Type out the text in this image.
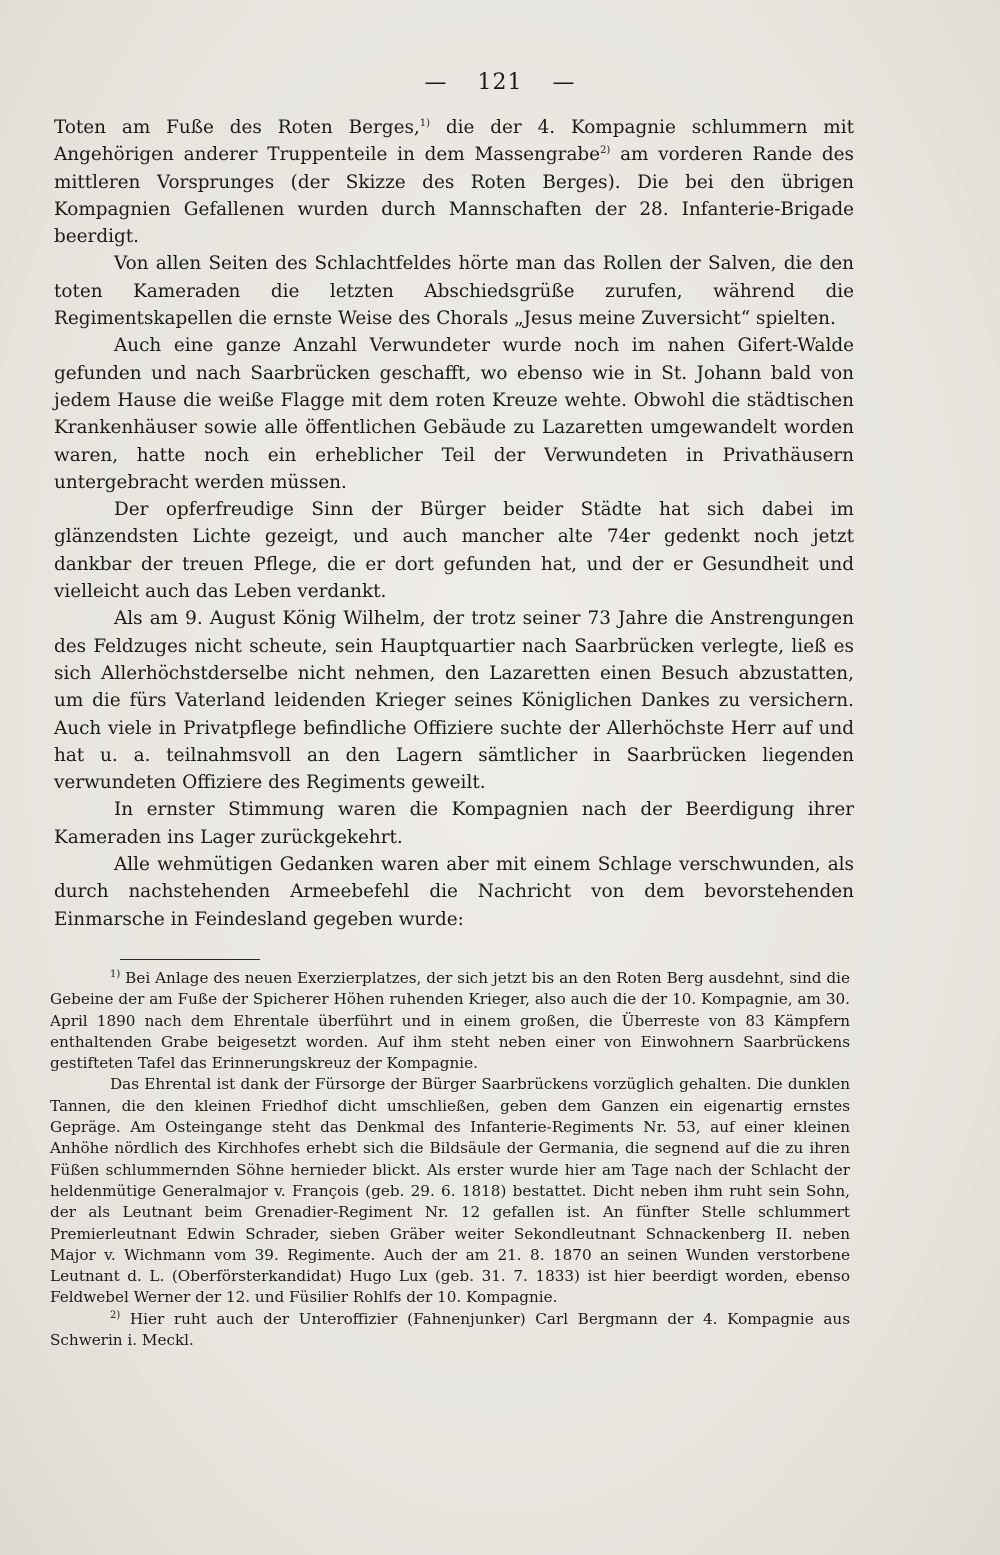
— 121 —

Toten am Fuße des Roten Berges,$^{1)}$ die der 4. Kompagnie schlummern mit Angehörigen anderer Truppenteile in dem Massengrabe$^{2)}$ am vorderen Rande des mittleren Vorsprunges (der Skizze des Roten Berges). Die bei den übrigen Kompagnien Gefallenen wurden durch Mannschaften der 28. Infanterie-Brigade beerdigt.

Von allen Seiten des Schlachtfeldes hörte man das Rollen der Salven, die den toten Kameraden die letzten Abschiedsgrüße zurufen, während die Regimentskapellen die ernste Weise des Chorals „Jesus meine Zuversicht“ spielten.

Auch eine ganze Anzahl Verwundeter wurde noch im nahen Gifert-Walde gefunden und nach Saarbrücken geschafft, wo ebenso wie in St. Johann bald von jedem Hause die weiße Flagge mit dem roten Kreuze wehte. Obwohl die städtischen Krankenhäuser sowie alle öffentlichen Gebäude zu Lazaretten umgewandelt worden waren, hatte noch ein erheblicher Teil der Verwundeten in Privathäusern untergebracht werden müssen.

Der opferfreudige Sinn der Bürger beider Städte hat sich dabei im glänzendsten Lichte gezeigt, und auch mancher alte 74er gedenkt noch jetzt dankbar der treuen Pflege, die er dort gefunden hat, und der er Gesundheit und vielleicht auch das Leben verdankt.

Als am 9. August König Wilhelm, der trotz seiner 73 Jahre die Anstrengungen des Feldzuges nicht scheute, sein Hauptquartier nach Saarbrücken verlegte, ließ es sich Allerhöchstderselbe nicht nehmen, den Lazaretten einen Besuch abzustatten, um die fürs Vaterland leidenden Krieger seines Königlichen Dankes zu versichern. Auch viele in Privatpflege befindliche Offiziere suchte der Allerhöchste Herr auf und hat u. a. teilnahmsvoll an den Lagern sämtlicher in Saarbrücken liegenden verwundeten Offiziere des Regiments geweilt.

In ernster Stimmung waren die Kompagnien nach der Beerdigung ihrer Kameraden ins Lager zurückgekehrt.

Alle wehmütigen Gedanken waren aber mit einem Schlage verschwunden, als durch nachstehenden Armeebefehl die Nachricht von dem bevorstehenden Einmarsche in Feindesland gegeben wurde:

$^{1)}$ Bei Anlage des neuen Exerzierplatzes, der sich jetzt bis an den Roten Berg ausdehnt, sind die Gebeine der am Fuße der Spicherer Höhen ruhenden Krieger, also auch die der 10. Kompagnie, am 30. April 1890 nach dem Ehrentale überführt und in einem großen, die Überreste von 83 Kämpfern enthaltenden Grabe beigesetzt worden. Auf ihm steht neben einer von Einwohnern Saarbrückens gestifteten Tafel das Erinnerungskreuz der Kompagnie.

Das Ehrental ist dank der Fürsorge der Bürger Saarbrückens vorzüglich gehalten. Die dunklen Tannen, die den kleinen Friedhof dicht umschließen, geben dem Ganzen ein eigenartig ernstes Gepräge. Am Osteingange steht das Denkmal des Infanterie-Regiments Nr. 53, auf einer kleinen Anhöhe nördlich des Kirchhofes erhebt sich die Bildsäule der Germania, die segnend auf die zu ihren Füßen schlummernden Söhne hernieder blickt. Als erster wurde hier am Tage nach der Schlacht der heldenmütige Generalmajor v. François (geb. 29. 6. 1818) bestattet. Dicht neben ihm ruht sein Sohn, der als Leutnant beim Grenadier-Regiment Nr. 12 gefallen ist. An fünfter Stelle schlummert Premierleutnant Edwin Schrader, sieben Gräber weiter Sekondleutnant Schnackenberg II. neben Major v. Wichmann vom 39. Regimente. Auch der am 21. 8. 1870 an seinen Wunden verstorbene Leutnant d. L. (Oberförsterkandidat) Hugo Lux (geb. 31. 7. 1833) ist hier beerdigt worden, ebenso Feldwebel Werner der 12. und Füsilier Rohlfs der 10. Kompagnie.

$^{2)}$ Hier ruht auch der Unteroffizier (Fahnenjunker) Carl Bergmann der 4. Kompagnie aus Schwerin i. Meckl.
